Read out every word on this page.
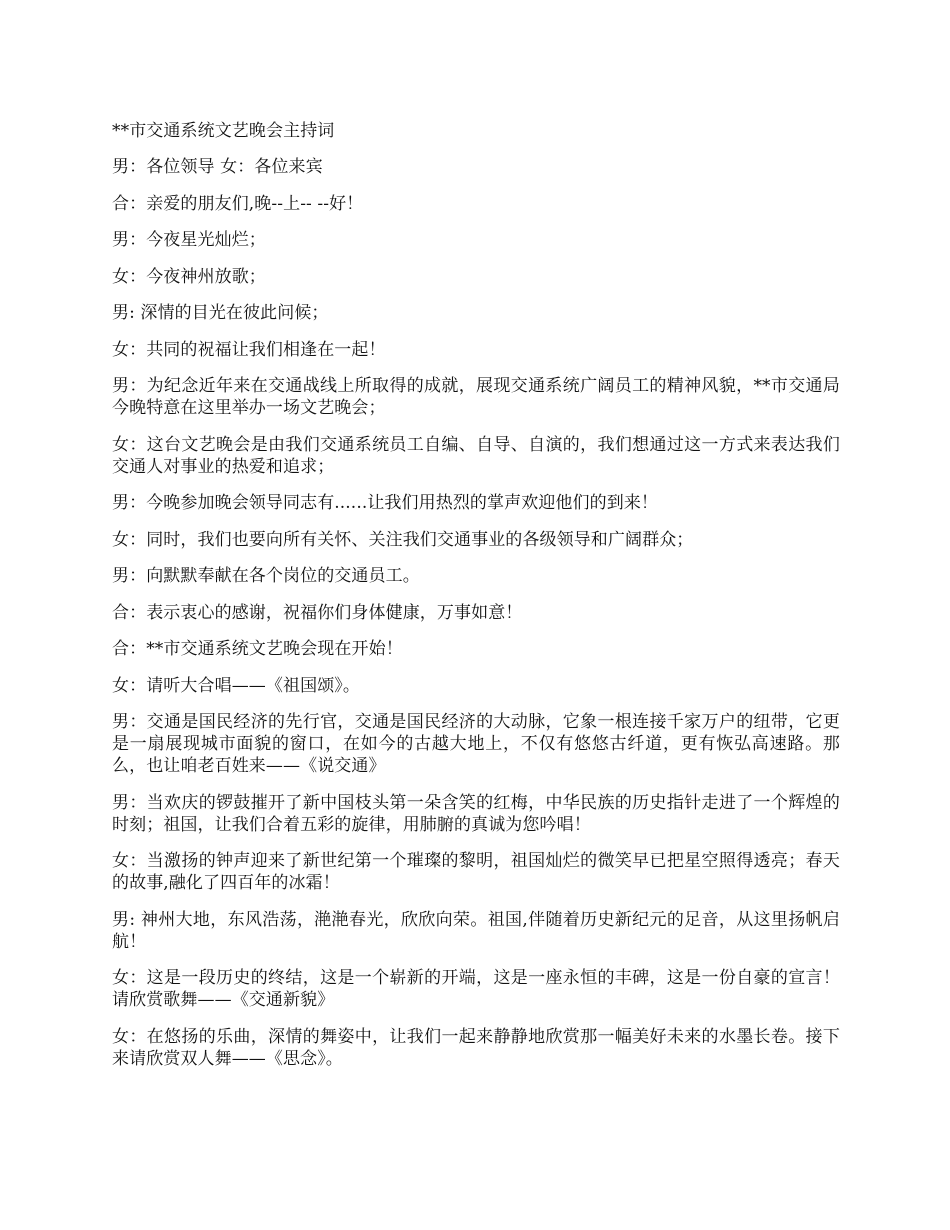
**市交通系统文艺晚会主持词

男：各位领导 女：各位来宾

合：亲爱的朋友们,晚--上-- --好！

男：今夜星光灿烂；

女：今夜神州放歌；

男: 深情的目光在彼此问候；

女：共同的祝福让我们相逢在一起！

男：为纪念近年来在交通战线上所取得的成就，展现交通系统广阔员工的精神风貌，**市交通局今晚特意在这里举办一场文艺晚会；

女：这台文艺晚会是由我们交通系统员工自编、自导、自演的，我们想通过这一方式来表达我们交通人对事业的热爱和追求；

男：今晚参加晚会领导同志有......让我们用热烈的掌声欢迎他们的到来！

女：同时，我们也要向所有关怀、关注我们交通事业的各级领导和广阔群众；

男：向默默奉献在各个岗位的交通员工。

合：表示衷心的感谢，祝福你们身体健康，万事如意！

合：**市交通系统文艺晚会现在开始！

女：请听大合唱——《祖国颂》。

男：交通是国民经济的先行官，交通是国民经济的大动脉，它象一根连接千家万户的纽带，它更是一扇展现城市面貌的窗口，在如今的古越大地上，不仅有悠悠古纤道，更有恢弘高速路。那么，也让咱老百姓来——《说交通》

男：当欢庆的锣鼓摧开了新中国枝头第一朵含笑的红梅，中华民族的历史指针走进了一个辉煌的时刻；祖国，让我们合着五彩的旋律，用肺腑的真诚为您吟唱！

女：当激扬的钟声迎来了新世纪第一个璀璨的黎明，祖国灿烂的微笑早已把星空照得透亮；春天的故事,融化了四百年的冰霜！

男: 神州大地，东风浩荡，滟滟春光，欣欣向荣。祖国,伴随着历史新纪元的足音，从这里扬帆启航！

女：这是一段历史的终结，这是一个崭新的开端，这是一座永恒的丰碑，这是一份自豪的宣言！请欣赏歌舞——《交通新貌》

女：在悠扬的乐曲，深情的舞姿中，让我们一起来静静地欣赏那一幅美好未来的水墨长卷。接下来请欣赏双人舞——《思念》。
